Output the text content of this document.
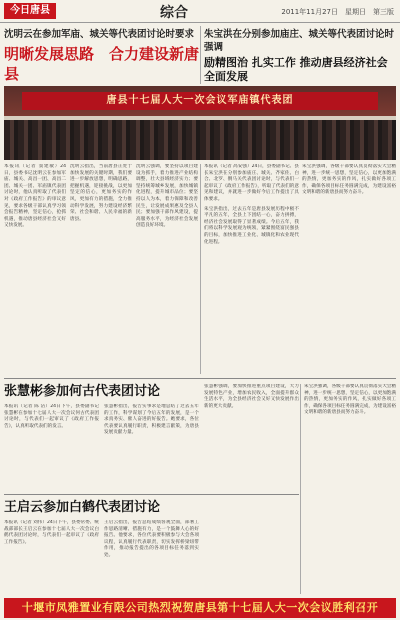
今日唐县	综合	2011年11月27日　星期日　第三版
沈明云在参加军庙、城关等代表团讨论时要求
明晰发展思路　合力建设新唐县
朱宝洪在分别参加庙庄、城关等代表团讨论时强调
励精图治 扎实工作 推动唐县经济社会全面发展
唐县十七届人大一次会议军庙镇代表团

本报讯（记者 窦建敏）24日，县委书记沈明云在参加军庙、城关、高昌一团、高昌二团、城关一团、军庙镇代表团讨论时，他认真听取了代表们对《政府工作报告》的审议意见，要求各级干部认真学习领会报告精神，坚定信心，抢抓机遇，推动唐县经济社会又好又快发展。

沈明云指出，当前唐县正处于加快发展的关键时期，我们要进一步解放思想，明确思路，把握机遇，迎接挑战，以更加坚定的信心，更加务实的作风，更加有力的措施，全力推动科学发展，努力建设经济繁荣、社会和谐、人民幸福的新唐县。

沈明云强调，要坚持以项目建设为抓手，着力推进产业结构调整，壮大县域经济实力；要坚持统筹城乡发展，加快城镇化进程，提升城市品位；要坚持以人为本，着力保障和改善民生，让发展成果惠及全县人民；要加强干部作风建设，提高服务水平，为经济社会发展创造良好环境。

本报讯（记者 高安强）24日，县委副书记、县长朱宝洪在分别参加庙庄、城关、齐家佐、白合、北罗、倒马关代表团讨论时，与代表们一起审议了《政府工作报告》，听取了代表们的意见和建议，并就进一步做好今后工作提出了具体要求。

朱宝洪指出，过去五年是唐县发展历程中极不平凡的五年，全县上下团结一心，奋力拼搏，经济社会发展取得了显著成绩。今后五年，我们将以科学发展观为统领，紧紧围绕富民强县的目标，加快推进工业化、城镇化和农业现代化进程。

朱宝洪强调，各级干部要认真贯彻落实大会精神，进一步统一思想，坚定信心，以更加饱满的热情，更加务实的作风，扎实做好各项工作，确保各项目标任务圆满完成，为建设富裕文明和谐的新唐县而努力奋斗。

张慧彬参加何古代表团讨论

本报讯（记者 陈 洁）24日下午，县委副书记张慧彬在参加十七届人大一次会议何古代表团讨论时，与代表们一起审议了《政府工作报告》，认真听取代表们的发言。

张慧彬指出，报告实事求是地总结了过去五年的工作，科学谋划了今后五年的发展，是一个求真务实、催人奋进的好报告。她要求，各位代表要认真履行职责，积极建言献策，为唐县发展贡献力量。

张慧彬强调，要加快推进重点项目建设，大力发展特色产业，增加农民收入，全面提升群众生活水平，为全县经济社会又好又快发展作出新的更大贡献。

王启云参加白鹤代表团讨论

本报讯（记者 刘伟）24日下午，县委常委、统战部部长王启云在参加十七届人大一次会议白鹤代表团讨论时，与代表们一起审议了《政府工作报告》。

王启云指出，报告总结成绩客观全面，部署工作思路清晰、措施有力，是一个鼓舞人心的好报告。他要求，各位代表要积极参与大会各项议程，认真履行代表职责，切实发挥桥梁纽带作用，推动报告提出的各项目标任务落到实处。

朱宝洪强调，各级干部要认真贯彻落实大会精神，进一步统一思想，坚定信心，以更加饱满的热情，更加务实的作风，扎实做好各项工作，确保各项目标任务圆满完成，为建设富裕文明和谐的新唐县而努力奋斗。

十堰市凤雅置业有限公司热烈祝贺唐县第十七届人大一次会议胜利召开
